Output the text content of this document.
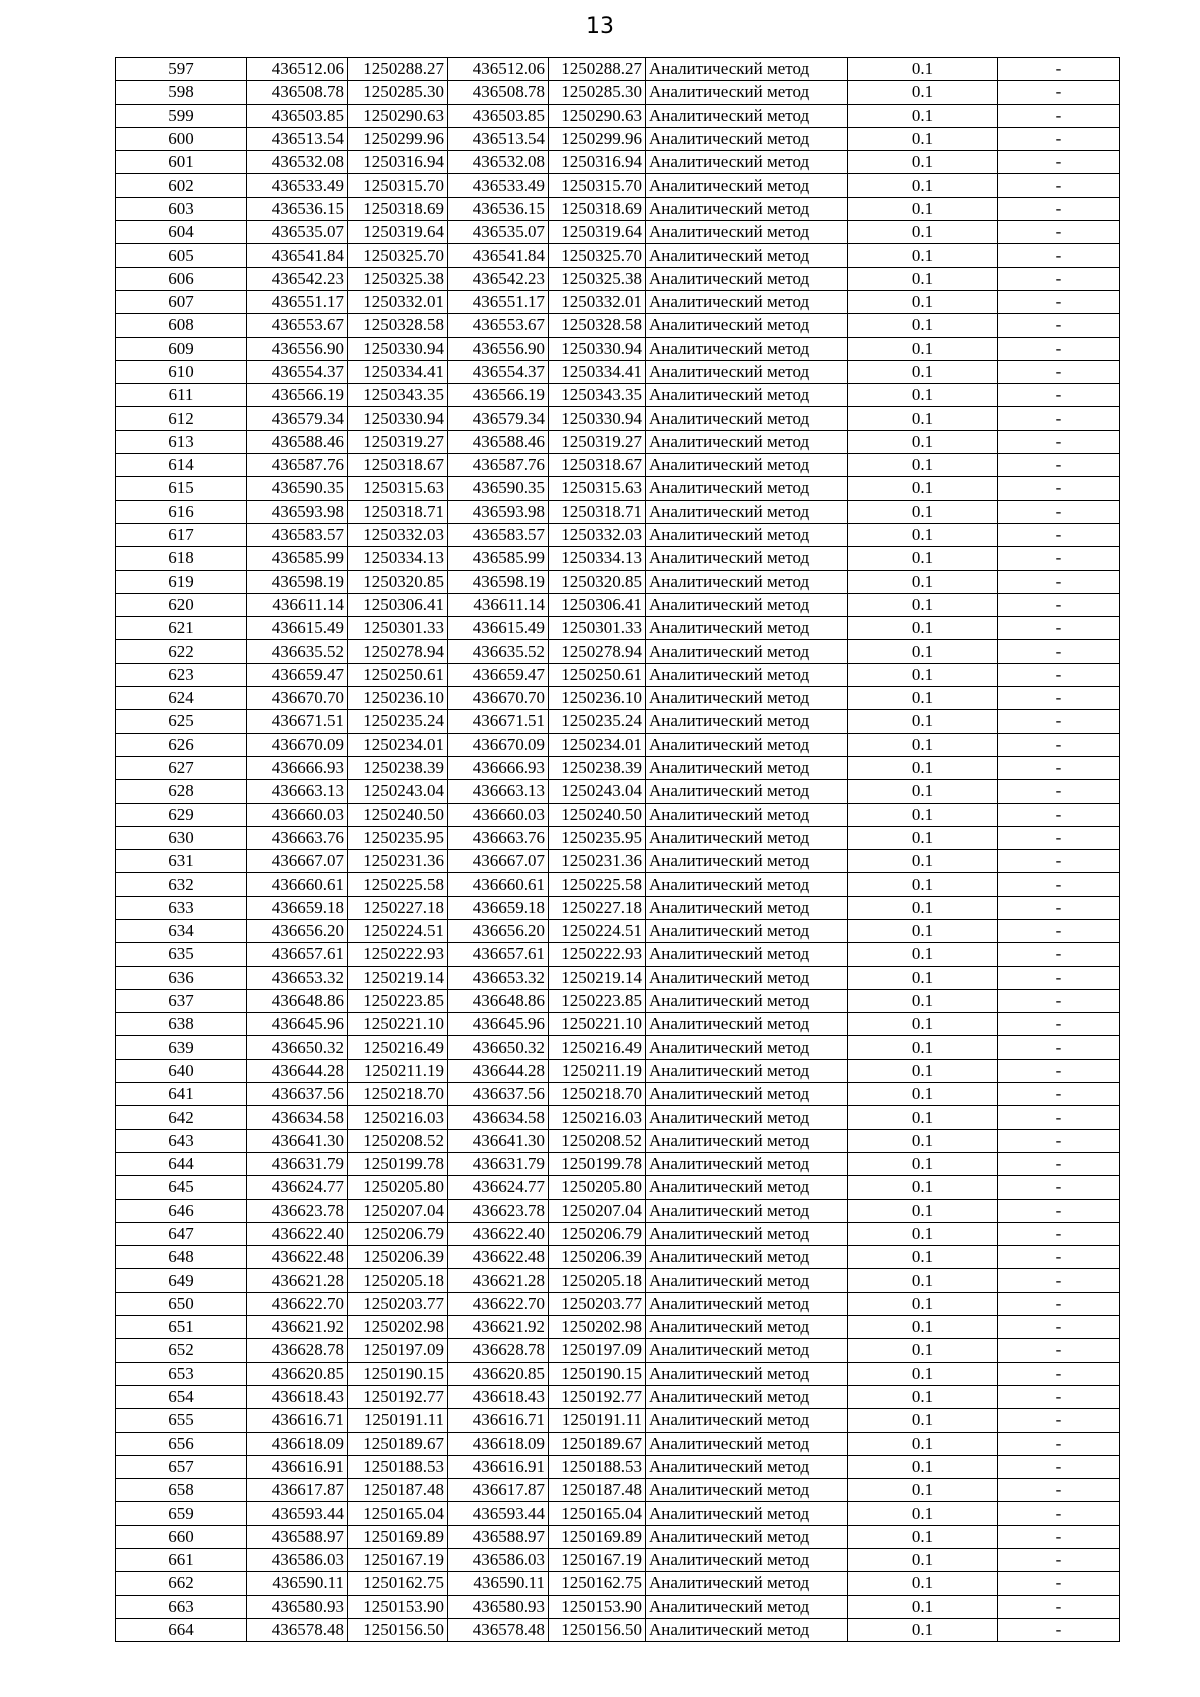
13
597	436512.06	1250288.27	436512.06	1250288.27	Аналитический метод	0.1	-
598	436508.78	1250285.30	436508.78	1250285.30	Аналитический метод	0.1	-
599	436503.85	1250290.63	436503.85	1250290.63	Аналитический метод	0.1	-
600	436513.54	1250299.96	436513.54	1250299.96	Аналитический метод	0.1	-
601	436532.08	1250316.94	436532.08	1250316.94	Аналитический метод	0.1	-
602	436533.49	1250315.70	436533.49	1250315.70	Аналитический метод	0.1	-
603	436536.15	1250318.69	436536.15	1250318.69	Аналитический метод	0.1	-
604	436535.07	1250319.64	436535.07	1250319.64	Аналитический метод	0.1	-
605	436541.84	1250325.70	436541.84	1250325.70	Аналитический метод	0.1	-
606	436542.23	1250325.38	436542.23	1250325.38	Аналитический метод	0.1	-
607	436551.17	1250332.01	436551.17	1250332.01	Аналитический метод	0.1	-
608	436553.67	1250328.58	436553.67	1250328.58	Аналитический метод	0.1	-
609	436556.90	1250330.94	436556.90	1250330.94	Аналитический метод	0.1	-
610	436554.37	1250334.41	436554.37	1250334.41	Аналитический метод	0.1	-
611	436566.19	1250343.35	436566.19	1250343.35	Аналитический метод	0.1	-
612	436579.34	1250330.94	436579.34	1250330.94	Аналитический метод	0.1	-
613	436588.46	1250319.27	436588.46	1250319.27	Аналитический метод	0.1	-
614	436587.76	1250318.67	436587.76	1250318.67	Аналитический метод	0.1	-
615	436590.35	1250315.63	436590.35	1250315.63	Аналитический метод	0.1	-
616	436593.98	1250318.71	436593.98	1250318.71	Аналитический метод	0.1	-
617	436583.57	1250332.03	436583.57	1250332.03	Аналитический метод	0.1	-
618	436585.99	1250334.13	436585.99	1250334.13	Аналитический метод	0.1	-
619	436598.19	1250320.85	436598.19	1250320.85	Аналитический метод	0.1	-
620	436611.14	1250306.41	436611.14	1250306.41	Аналитический метод	0.1	-
621	436615.49	1250301.33	436615.49	1250301.33	Аналитический метод	0.1	-
622	436635.52	1250278.94	436635.52	1250278.94	Аналитический метод	0.1	-
623	436659.47	1250250.61	436659.47	1250250.61	Аналитический метод	0.1	-
624	436670.70	1250236.10	436670.70	1250236.10	Аналитический метод	0.1	-
625	436671.51	1250235.24	436671.51	1250235.24	Аналитический метод	0.1	-
626	436670.09	1250234.01	436670.09	1250234.01	Аналитический метод	0.1	-
627	436666.93	1250238.39	436666.93	1250238.39	Аналитический метод	0.1	-
628	436663.13	1250243.04	436663.13	1250243.04	Аналитический метод	0.1	-
629	436660.03	1250240.50	436660.03	1250240.50	Аналитический метод	0.1	-
630	436663.76	1250235.95	436663.76	1250235.95	Аналитический метод	0.1	-
631	436667.07	1250231.36	436667.07	1250231.36	Аналитический метод	0.1	-
632	436660.61	1250225.58	436660.61	1250225.58	Аналитический метод	0.1	-
633	436659.18	1250227.18	436659.18	1250227.18	Аналитический метод	0.1	-
634	436656.20	1250224.51	436656.20	1250224.51	Аналитический метод	0.1	-
635	436657.61	1250222.93	436657.61	1250222.93	Аналитический метод	0.1	-
636	436653.32	1250219.14	436653.32	1250219.14	Аналитический метод	0.1	-
637	436648.86	1250223.85	436648.86	1250223.85	Аналитический метод	0.1	-
638	436645.96	1250221.10	436645.96	1250221.10	Аналитический метод	0.1	-
639	436650.32	1250216.49	436650.32	1250216.49	Аналитический метод	0.1	-
640	436644.28	1250211.19	436644.28	1250211.19	Аналитический метод	0.1	-
641	436637.56	1250218.70	436637.56	1250218.70	Аналитический метод	0.1	-
642	436634.58	1250216.03	436634.58	1250216.03	Аналитический метод	0.1	-
643	436641.30	1250208.52	436641.30	1250208.52	Аналитический метод	0.1	-
644	436631.79	1250199.78	436631.79	1250199.78	Аналитический метод	0.1	-
645	436624.77	1250205.80	436624.77	1250205.80	Аналитический метод	0.1	-
646	436623.78	1250207.04	436623.78	1250207.04	Аналитический метод	0.1	-
647	436622.40	1250206.79	436622.40	1250206.79	Аналитический метод	0.1	-
648	436622.48	1250206.39	436622.48	1250206.39	Аналитический метод	0.1	-
649	436621.28	1250205.18	436621.28	1250205.18	Аналитический метод	0.1	-
650	436622.70	1250203.77	436622.70	1250203.77	Аналитический метод	0.1	-
651	436621.92	1250202.98	436621.92	1250202.98	Аналитический метод	0.1	-
652	436628.78	1250197.09	436628.78	1250197.09	Аналитический метод	0.1	-
653	436620.85	1250190.15	436620.85	1250190.15	Аналитический метод	0.1	-
654	436618.43	1250192.77	436618.43	1250192.77	Аналитический метод	0.1	-
655	436616.71	1250191.11	436616.71	1250191.11	Аналитический метод	0.1	-
656	436618.09	1250189.67	436618.09	1250189.67	Аналитический метод	0.1	-
657	436616.91	1250188.53	436616.91	1250188.53	Аналитический метод	0.1	-
658	436617.87	1250187.48	436617.87	1250187.48	Аналитический метод	0.1	-
659	436593.44	1250165.04	436593.44	1250165.04	Аналитический метод	0.1	-
660	436588.97	1250169.89	436588.97	1250169.89	Аналитический метод	0.1	-
661	436586.03	1250167.19	436586.03	1250167.19	Аналитический метод	0.1	-
662	436590.11	1250162.75	436590.11	1250162.75	Аналитический метод	0.1	-
663	436580.93	1250153.90	436580.93	1250153.90	Аналитический метод	0.1	-
664	436578.48	1250156.50	436578.48	1250156.50	Аналитический метод	0.1	-
